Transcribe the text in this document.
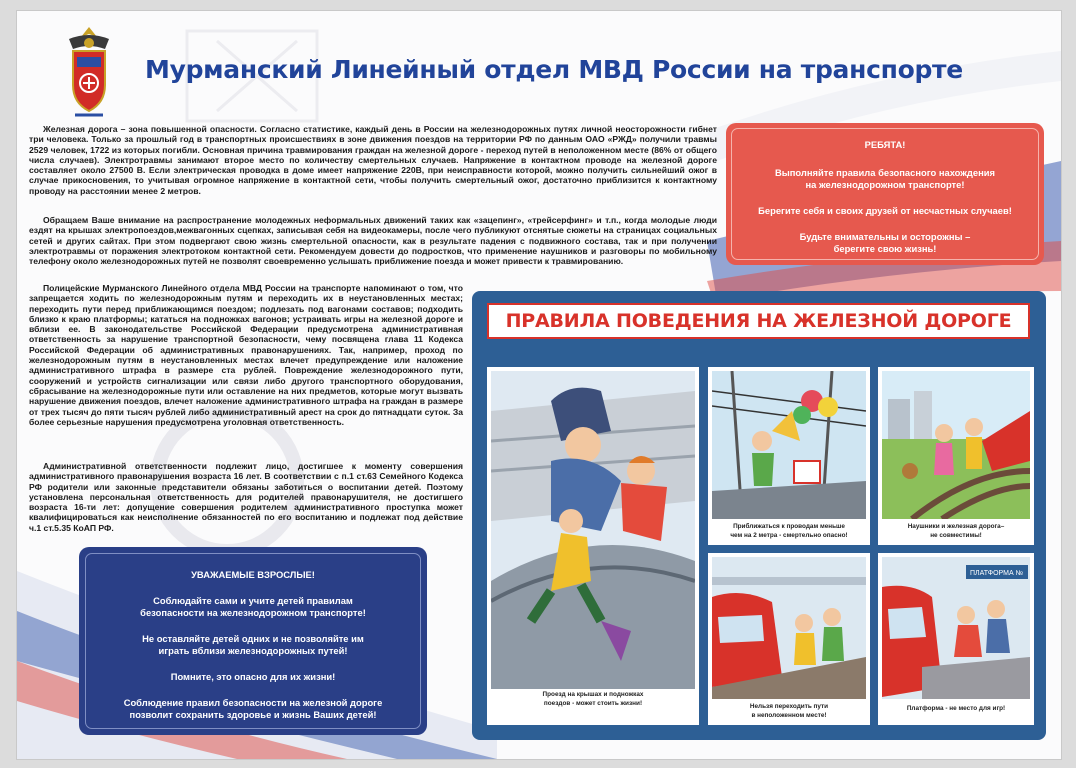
Мурманский Линейный отдел МВД России на транспорте

Железная дорога – зона повышенной опасности. Согласно статистике, каждый день в России на железнодорожных путях личной неосторожности гибнет три человека. Только за прошлый год в транспортных происшествиях в зоне движения поездов на территории РФ по данным ОАО «РЖД» получили травмы 2529 человек, 1722 из которых погибли. Основная причина травмирования граждан на железной дороге - переход путей в неположенном месте (86% от общего числа случаев). Электротравмы занимают второе место по количеству смертельных случаев. Напряжение в контактном проводе на железной дороге составляет около 27500 В. Если электрическая проводка в доме имеет напряжение 220В, при неисправности которой, можно получить сильнейший ожог в случае прикосновения, то учитывая огромное напряжение в контактной сети, чтобы получить смертельный ожог, достаточно приблизится к контактному проводу на расстоянии менее 2 метров.

Обращаем Ваше внимание на распространение молодежных неформальных движений таких как «зацепинг», «трейсерфинг» и т.п., когда молодые люди ездят на крышах электропоездов,межвагонных сцепках, записывая себя на видеокамеры, после чего публикуют отснятые сюжеты на страницах социальных сетей и других сайтах. При этом подвергают свою жизнь смертельной опасности, как в результате падения с подвижного состава, так и при получении электротравмы от поражения электротоком контактной сети. Рекомендуем довести до подростков, что применение наушников и разговоры по мобильному телефону около железнодорожных путей не позволят своевременно услышать приближение поезда и может привести к травмированию.

Полицейские Мурманского Линейного отдела МВД России на транспорте напоминают о том, что запрещается ходить по железнодорожным путям и переходить их в неустановленных местах; переходить пути перед приближающимся поездом; подлезать под вагонами составов; подходить близко к краю платформы; кататься на подножках вагонов; устраивать игры на железной дороге и вблизи ее. В законодательстве Российской Федерации предусмотрена административная ответственность за нарушение транспортной безопасности, чему посвящена глава 11 Кодекса Российской Федерации об административных правонарушениях. Так, например, проход по железнодорожным путям в неустановленных местах влечет предупреждение или наложение административного штрафа в размере ста рублей. Повреждение железнодорожного пути, сооружений и устройств сигнализации или связи либо другого транспортного оборудования, сбрасывание на железнодорожные пути или оставление на них предметов, которые могут вызвать нарушение движения поездов, влечет наложение административного штрафа на граждан в размере от трех тысяч до пяти тысяч рублей либо административный арест на срок до пятнадцати суток. За более серьезные нарушения предусмотрена уголовная ответственность.

Административной ответственности подлежит лицо, достигшее к моменту совершения административного правонарушения возраста 16 лет. В соответствии с п.1 ст.63 Семейного Кодекса РФ родители или законные представители обязаны заботиться о воспитании детей. Поэтому установлена персональная ответственность для родителей правонарушителя, не достигшего возраста 16-ти лет: допущение совершения родителем административного проступка может квалифицироваться как неисполнение обязанностей по его воспитанию и подлежат под действие ч.1 ст.5.35 КоАП РФ.

РЕБЯТА!
Выполняйте правила безопасного нахождения
на железнодорожном транспорте!
Берегите себя и своих друзей от несчастных случаев!
Будьте внимательны и осторожны –
берегите свою жизнь!
УВАЖАЕМЫЕ ВЗРОСЛЫЕ!
Соблюдайте сами и учите детей правилам
безопасности на железнодорожном транспорте!
Не оставляйте детей одних и не позволяйте им
играть вблизи железнодорожных путей!
Помните, это опасно для их жизни!
Соблюдение правил безопасности на железной дороге
позволит сохранить здоровье и жизнь Ваших детей!
ПРАВИЛА ПОВЕДЕНИЯ НА ЖЕЛЕЗНОЙ ДОРОГЕ
Проезд на крышах и подножках
поездов - может стоить жизни!
Приближаться к проводам меньше
чем на 2 метра - смертельно опасно!
Наушники и железная дорога–
не совместимы!
Нельзя переходить пути
в неположенном месте!
ПЛАТФОРМА №
Платформа - не место для игр!
